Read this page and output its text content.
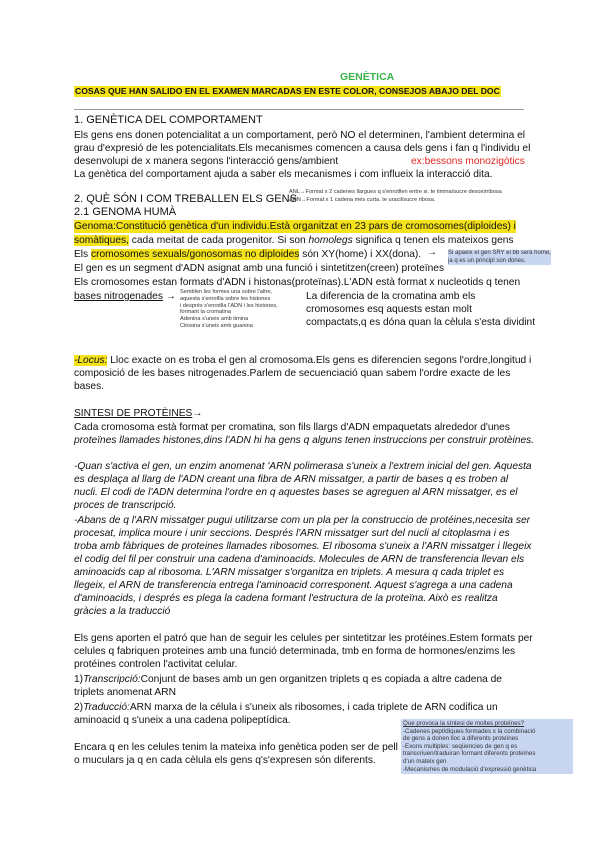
GENÈTICA
COSAS QUE HAN SALIDO EN EL EXAMEN MARCADAS EN ESTE COLOR, CONSEJOS ABAJO DEL DOC
1. GENÈTICA DEL COMPORTAMENT
Els gens ens donen potencialitat a un comportament, però NO el determinen, l'ambient determina el
grau d'expresió de les potencialitats.Els mecanismes comencen a causa dels gens i fan q l'individu el
desenvolupi de x manera segons l'interacció gens/ambient	ex:bessons monozigòtics
La genètica del comportament ajuda a saber els mecanismes i com influeix la interacció dita.
2. QUÈ SÓN I COM TREBALLEN ELS GENS
ANL→Format x 2 cadenes llargues q s'enrotllen entre si. te timina/sucre desoxirribosa
ARN→Format x 1 cadena més curta. te uracil/sucre ribosa.
2.1 GENOMA HUMÀ
Genoma:Constitució genètica d'un individu.Està organitzat en 23 pars de cromosomes(diploides) i
somàtiques, cada meitat de cada progenitor. Si son homolegs significa q tenen els mateixos gens
Els cromosomes sexuals/gonosomas no diploides són XY(home) i XX(dona). → Si apaeix el gen SRY el bb serà home,
ja q es un principi son dones.
El gen es un segment d'ADN asignat amb una funció i sintetitzen(creen) proteïnes
Els cromosomes estan formats d'ADN i histonas(proteïnas).L'ADN està format x nucleotids q tenen
bases nitrogenades → Semblen les formes una sobre l'altre,
aquesta s'enrotlla sobre les histones
i després s'enrotlla l'ADN i les histones,
formant la cromatina
Adenina s'uneix amb timina
Citosina s'uneix amb guanina
La diferencia de la cromatina amb els
cromosomes esq aquests estan molt
compactats,q es dóna quan la cèlula s'esta dividint
-Locus: Lloc exacte on es troba el gen al cromosoma.Els gens es diferencien segons l'ordre,longitud i
composició de les bases nitrogenades.Parlem de secuenciació quan sabem l'ordre exacte de les
bases.
SINTESI DE PROTÈINES→
Cada cromosoma està format per cromatina, son fils llargs d'ADN empaquetats alrededor d'unes
proteïnes llamades histones,dins l'ADN hi ha gens q alguns tenen instruccions per construir protèines.
-Quan s'activa el gen, un enzim anomenat 'ARN polimerasa s'uneix a l'extrem inicial del gen. Aquesta
es desplaça al llarg de l'ADN creant una fibra de ARN missatger, a partir de bases q es troben al
nucli. El codi de l'ADN determina l'ordre en q aquestes bases se agreguen al ARN missatger, es el
proces de transcripció.
-Abans de q l'ARN missatger pugui utilitzarse com un pla per la construccio de protéines,necesita ser
procesat, implica moure i unir seccions. Després l'ARN missatger surt del nucli al citoplasma i es
troba amb fàbriques de proteines llamades ribosomes. El ribosoma s'uneix a l'ARN missatger i llegeix
el codig del fil per construir una cadena d'aminoacids. Molecules de ARN de transferencia llevan els
aminoacids cap al ribosoma. L'ARN missatger s'organitza en triplets. A mesura q cada triplet es
llegeix, el ARN de transferencia entrega l'aminoacid corresponent. Aquest s'agrega a una cadena
d'aminoacids, i després es plega la cadena formant l'estructura de la proteïna. Això es realitza
gràcies a la traducció
Els gens aporten el patró que han de seguir les celules per sintetitzar les protéines.Estem formats per
celules q fabriquen proteines amb una funció determinada, tmb en forma de hormones/enzims les
protéines controlen l'activitat celular.
1)Transcripció:Conjunt de bases amb un gen organitzen triplets q es copiada a altre cadena de
triplets anomenat ARN
2)Traducció:ARN marxa de la célula i s'uneix als ribosomes, i cada triplete de ARN codifica un
aminoacid q s'uneix a una cadena polipeptídica.
Encara q en les celules tenim la mateixa info genètica poden ser de pell
o muculars ja q en cada cèlula els gens q's'expresen són diferents.
Que provoca la síntesi de moltes proteïnes?
-Cadenes peptídiques formades x la combinació
de gens a donen lloc a diferents proteïnes
-Exons multiples: seqüencies de gen q es
transcriuen/traduiran formant diferents proteïnes
d'un mateix gen
-Mecanismes de modulació d'expressió genètica
